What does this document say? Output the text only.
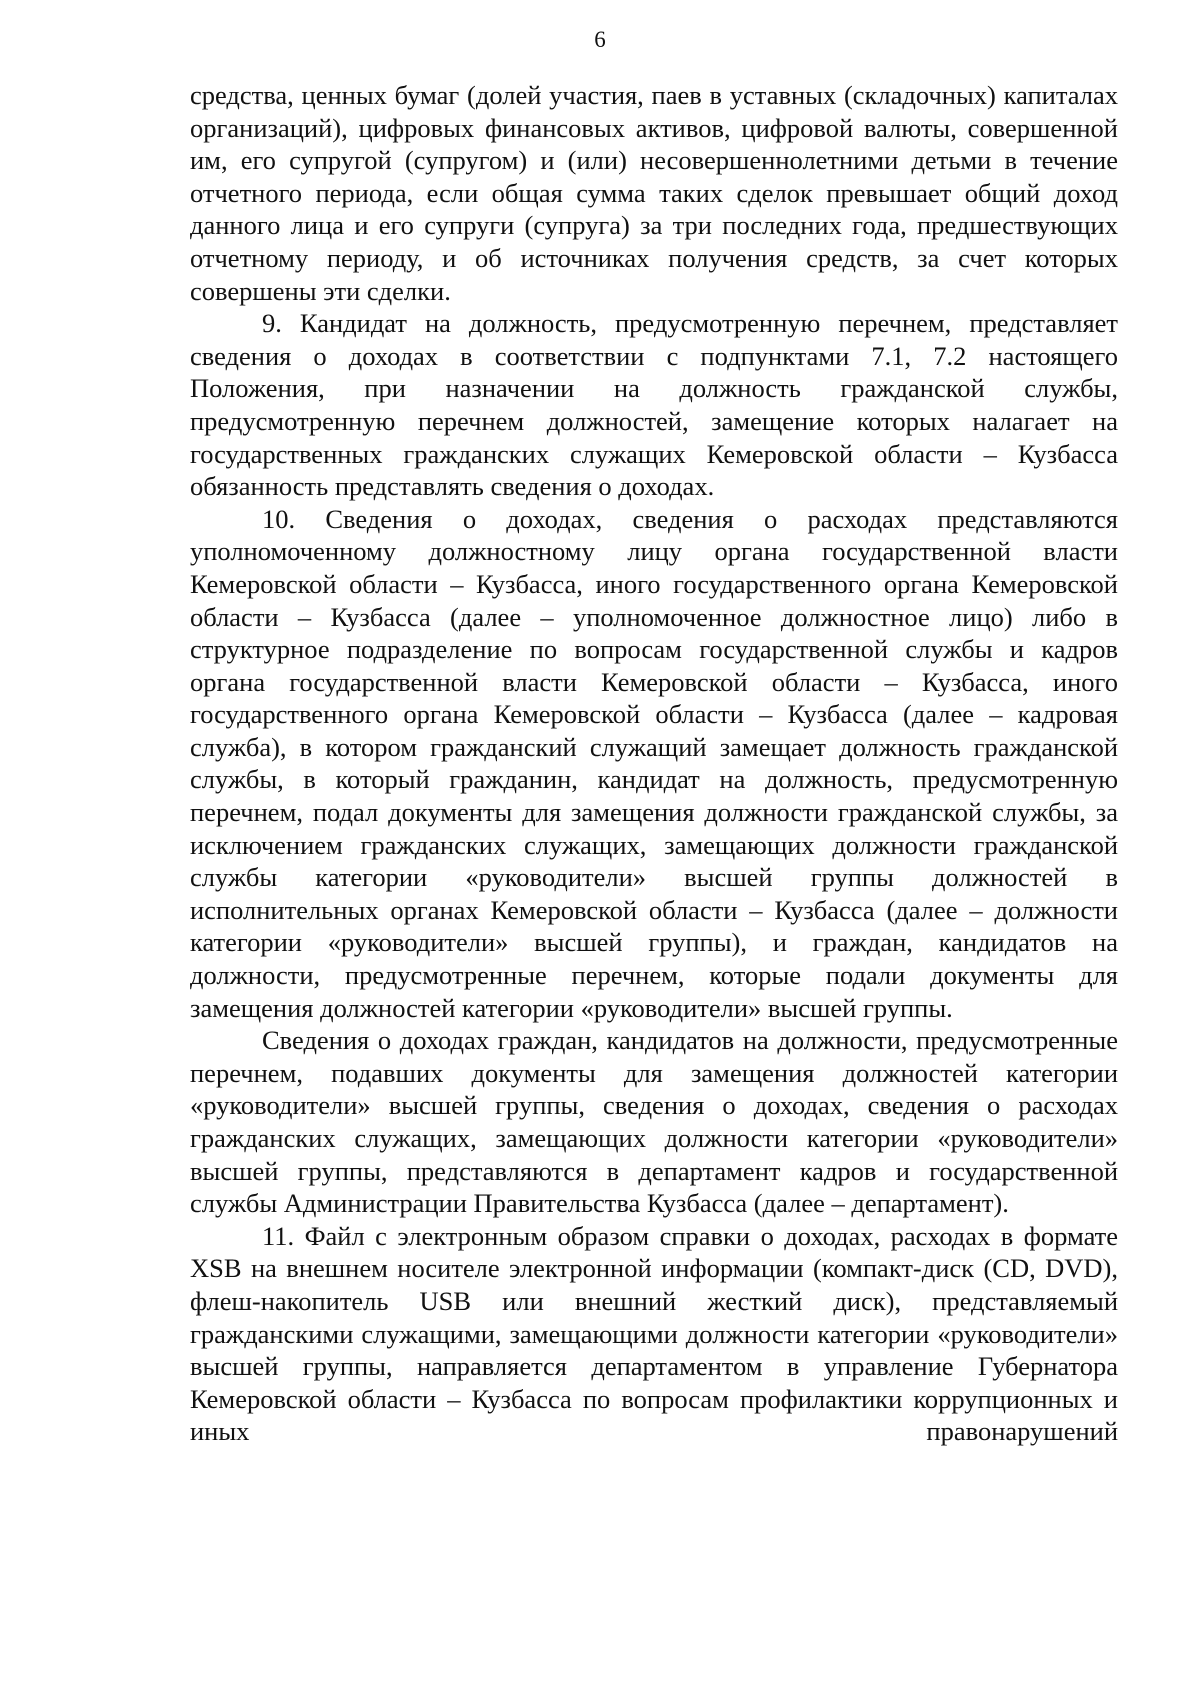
6

средства, ценных бумаг (долей участия, паев в уставных (складочных) капиталах организаций), цифровых финансовых активов, цифровой валюты, совершенной им, его супругой (супругом) и (или) несовершеннолетними детьми в течение отчетного периода, если общая сумма таких сделок превышает общий доход данного лица и его супруги (супруга) за три последних года, предшествующих отчетному периоду, и об источниках получения средств, за счет которых совершены эти сделки.

9. Кандидат на должность, предусмотренную перечнем, представляет сведения о доходах в соответствии с подпунктами 7.1, 7.2 настоящего Положения, при назначении на должность гражданской службы, предусмотренную перечнем должностей, замещение которых налагает на государственных гражданских служащих Кемеровской области – Кузбасса обязанность представлять сведения о доходах.

10. Сведения о доходах, сведения о расходах представляются уполномоченному должностному лицу органа государственной власти Кемеровской области – Кузбасса, иного государственного органа Кемеровской области – Кузбасса (далее – уполномоченное должностное лицо) либо в структурное подразделение по вопросам государственной службы и кадров органа государственной власти Кемеровской области – Кузбасса, иного государственного органа Кемеровской области – Кузбасса (далее – кадровая служба), в котором гражданский служащий замещает должность гражданской службы, в который гражданин, кандидат на должность, предусмотренную перечнем, подал документы для замещения должности гражданской службы, за исключением гражданских служащих, замещающих должности гражданской службы категории «руководители» высшей группы должностей в исполнительных органах Кемеровской области – Кузбасса (далее – должности категории «руководители» высшей группы), и граждан, кандидатов на должности, предусмотренные перечнем, которые подали документы для замещения должностей категории «руководители» высшей группы.

Сведения о доходах граждан, кандидатов на должности, предусмотренные перечнем, подавших документы для замещения должностей категории «руководители» высшей группы, сведения о доходах, сведения о расходах гражданских служащих, замещающих должности категории «руководители» высшей группы, представляются в департамент кадров и государственной службы Администрации Правительства Кузбасса (далее – департамент).

11. Файл с электронным образом справки о доходах, расходах в формате XSB на внешнем носителе электронной информации (компакт-диск (CD, DVD), флеш-накопитель USB или внешний жесткий диск), представляемый гражданскими служащими, замещающими должности категории «руководители» высшей группы, направляется департаментом в управление Губернатора Кемеровской области – Кузбасса по вопросам профилактики коррупционных и иных правонарушений
